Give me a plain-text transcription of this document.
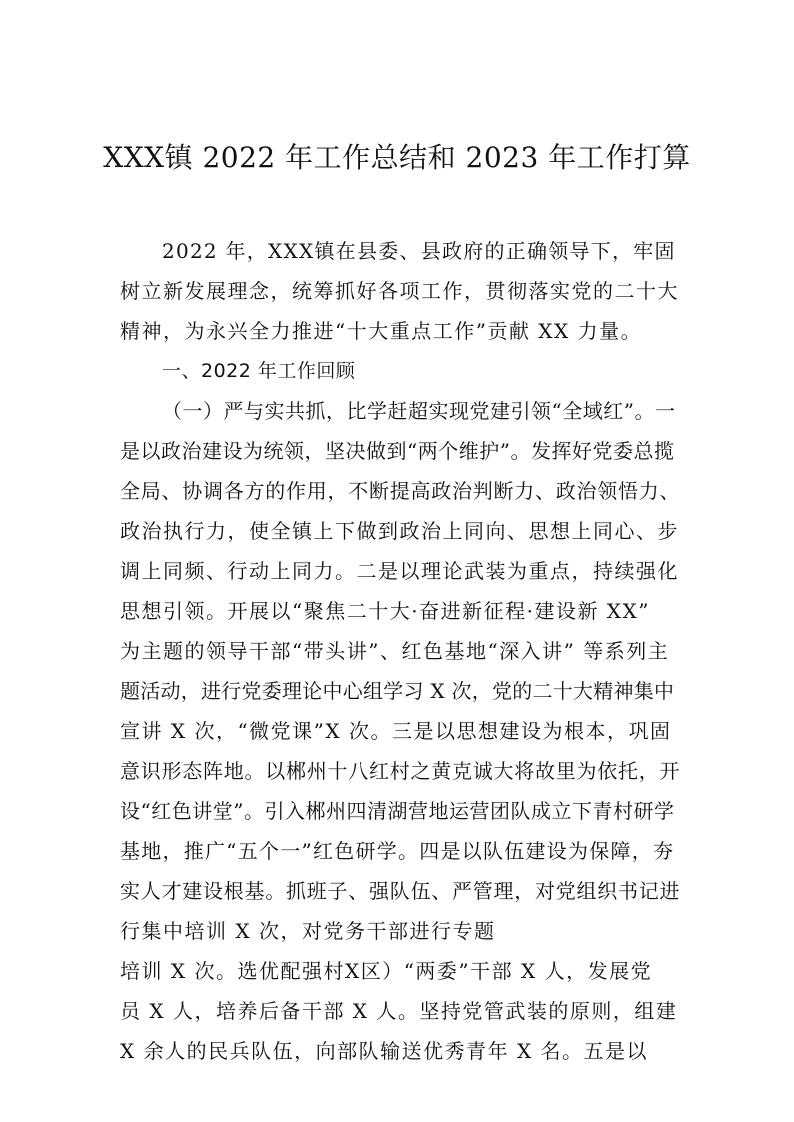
XXX镇 2022 年工作总结和 2023 年工作打算
2022 年，XXX镇在县委、县政府的正确领导下，牢固
树立新发展理念，统筹抓好各项工作，贯彻落实党的二十大
精神，为永兴全力推进“十大重点工作”贡献 XX 力量。
一、2022 年工作回顾
（一）严与实共抓，比学赶超实现党建引领“全域红”。一
是以政治建设为统领，坚决做到“两个维护”。发挥好党委总揽
全局、协调各方的作用，不断提高政治判断力、政治领悟力、
政治执行力，使全镇上下做到政治上同向、思想上同心、步
调上同频、行动上同力。二是以理论武装为重点，持续强化
思想引领。开展以“聚焦二十大·奋进新征程·建设新 XX”
为主题的领导干部“带头讲”、红色基地“深入讲” 等系列主
题活动，进行党委理论中心组学习 X 次，党的二十大精神集中
宣讲 X 次，“微党课”X 次。三是以思想建设为根本，巩固
意识形态阵地。以郴州十八红村之黄克诚大将故里为依托，开
设“红色讲堂”。引入郴州四清湖营地运营团队成立下青村研学
基地，推广“五个一”红色研学。四是以队伍建设为保障，夯
实人才建设根基。抓班子、强队伍、严管理，对党组织书记进
行集中培训 X 次，对党务干部进行专题
培训 X 次。选优配强村X区）“两委”干部 X 人，发展党
员 X 人，培养后备干部 X 人。坚持党管武装的原则，组建
X 余人的民兵队伍，向部队输送优秀青年 X 名。五是以
